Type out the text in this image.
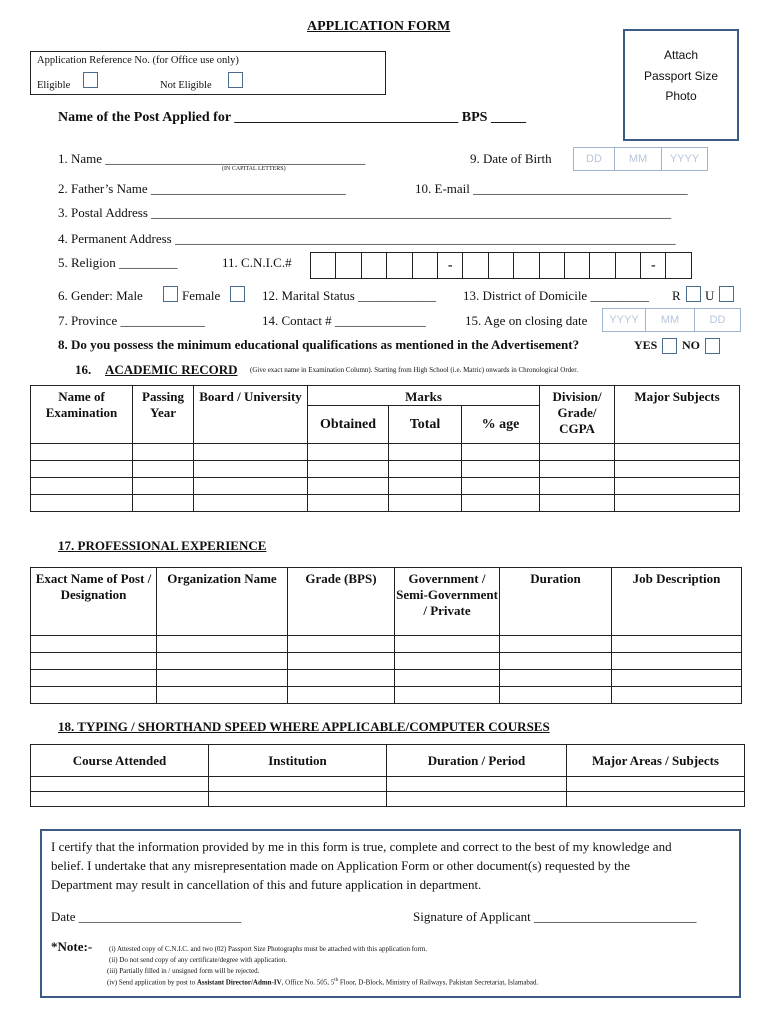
APPLICATION FORM
Application Reference No. (for Office use only)
Eligible	Not Eligible
Attach
Passport Size
Photo
Name of the Post Applied for ________________________________ BPS _____
1. Name ________________________________________
(IN CAPITAL LETTERS)
9. Date of Birth	DD	MM	YYYY
2. Father’s Name ______________________________	10. E-mail _________________________________
3. Postal Address ________________________________________________________________________________
4. Permanent Address _____________________________________________________________________________
5. Religion _________	11. C.N.I.C.#	-	-
6. Gender: Male	Female	12. Marital Status ____________ 13. District of Domicile _________ R U
7. Province _____________	14. Contact # ______________	15. Age on closing date	YYYY	MM	DD
8. Do you possess the minimum educational qualifications as mentioned in the Advertisement?	YES NO
16. ACADEMIC RECORD (Give exact name in Examination Column). Starting from High School (i.e. Matric) onwards in Chronological Order.
Name of Examination	Passing Year	Board / University	Marks			Division/ Grade/ CGPA	Major Subjects
			Obtained	Total	% age		

17. PROFESSIONAL EXPERIENCE
Exact Name of Post / Designation	Organization Name	Grade (BPS)	Government / Semi-Government / Private	Duration	Job Description

18. TYPING / SHORTHAND SPEED WHERE APPLICABLE/COMPUTER COURSES
Course Attended	Institution	Duration / Period	Major Areas / Subjects

I certify that the information provided by me in this form is true, complete and correct to the best of my knowledge and
belief. I undertake that any misrepresentation made on Application Form or other document(s) requested by the
Department may result in cancellation of this and future application in department.
Date _________________________	Signature of Applicant _________________________
*Note:- (i) Attested copy of C.N.I.C. and two (02) Passport Size Photographs must be attached with this application form.
(ii) Do not send copy of any certificate/degree with application.
(iii) Partially filled in / unsigned form will be rejected.
(iv) Send application by post to Assistant Director/Admn-IV, Office No. 505, 5th Floor, D-Block, Ministry of Railways, Pakistan Secretariat, Islamabad.
